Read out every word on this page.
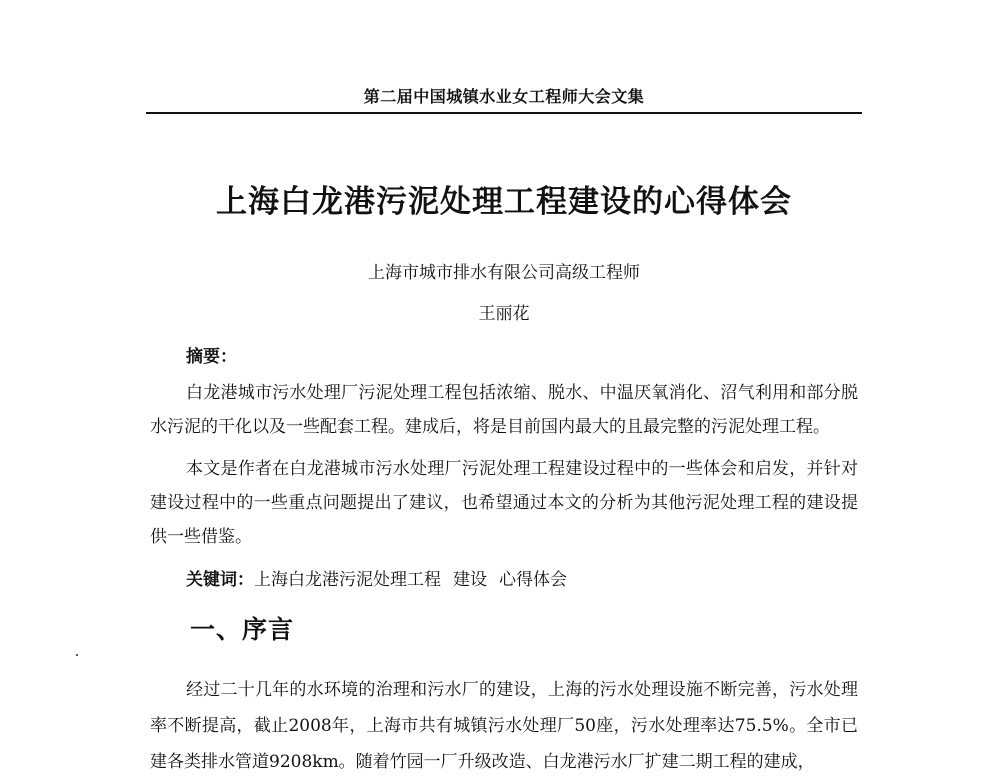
第二届中国城镇水业女工程师大会文集
上海白龙港污泥处理工程建设的心得体会
上海市城市排水有限公司高级工程师
王丽花
摘要：

白龙港城市污水处理厂污泥处理工程包括浓缩、脱水、中温厌氧消化、沼气利用和部分脱水污泥的干化以及一些配套工程。建成后，将是目前国内最大的且最完整的污泥处理工程。

本文是作者在白龙港城市污水处理厂污泥处理工程建设过程中的一些体会和启发，并针对建设过程中的一些重点问题提出了建议，也希望通过本文的分析为其他污泥处理工程的建设提供一些借鉴。

关键词：上海白龙港污泥处理工程 建设 心得体会
一、序言

经过二十几年的水环境的治理和污水厂的建设，上海的污水处理设施不断完善，污水处理率不断提高，截止2008年，上海市共有城镇污水处理厂50座，污水处理率达75.5%。全市已建各类排水管道9208km。随着竹园一厂升级改造、白龙港污水厂扩建二期工程的建成，
